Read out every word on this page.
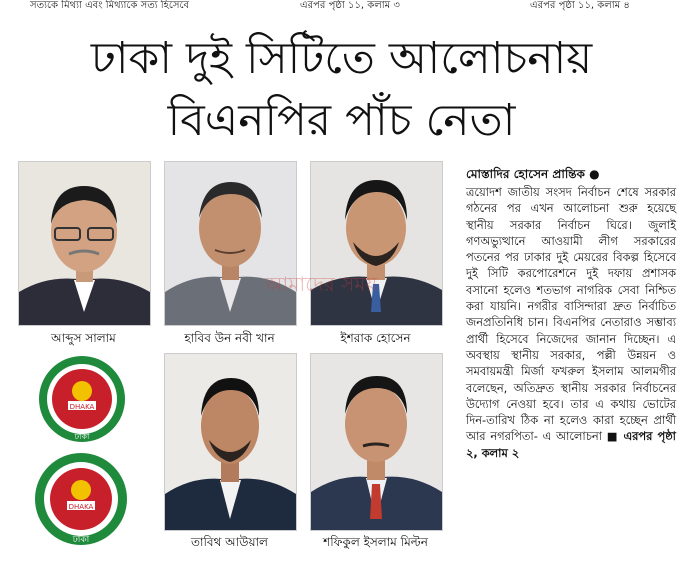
সত্যকে মিথ্যা এবং মিথ্যাকে সত্য হিসেবে	এরপর পৃষ্ঠা ১১, কলাম ৩	এরপর পৃষ্ঠা ১১, কলাম ৪
ঢাকা দুই সিটিতে আলোচনায়
বিএনপির পাঁচ নেতা
আব্দুস সালাম	হাবিব উন নবী খান	ইশরাক হোসেন
DHAKA
ঢাকা
DHAKA
ঢাকা	তাবিথ আউয়াল	শফিকুল ইসলাম মিল্টন
আমাদের সময়
মোস্তাদির হোসেন প্রান্তিক ●

ত্রয়োদশ জাতীয় সংসদ নির্বাচন শেষে সরকার গঠনের পর এখন আলোচনা শুরু হয়েছে স্থানীয় সরকার নির্বাচন ঘিরে। জুলাই গণঅভ্যুত্থানে আওয়ামী লীগ সরকারের পতনের পর ঢাকার দুই মেয়রের বিকল্প হিসেবে দুই সিটি করপোরেশনে দুই দফায় প্রশাসক বসানো হলেও শতভাগ নাগরিক সেবা নিশ্চিত করা যায়নি। নগরীর বাসিন্দারা দ্রুত নির্বাচিত জনপ্রতিনিধি চান। বিএনপির নেতারাও সম্ভাব্য প্রার্থী হিসেবে নিজেদের জানান দিচ্ছেন। এ অবস্থায় স্থানীয় সরকার, পল্লী উন্নয়ন ও সমবায়মন্ত্রী মির্জা ফখরুল ইসলাম আলমগীর বলেছেন, অতিদ্রুত স্থানীয় সরকার নির্বাচনের উদ্যোগ নেওয়া হবে। তার এ কথায় ভোটের দিন-তারিখ ঠিক না হলেও কারা হচ্ছেন প্রার্থী আর নগরপিতা- এ আলোচনা ■ এরপর পৃষ্ঠা ২, কলাম ২
